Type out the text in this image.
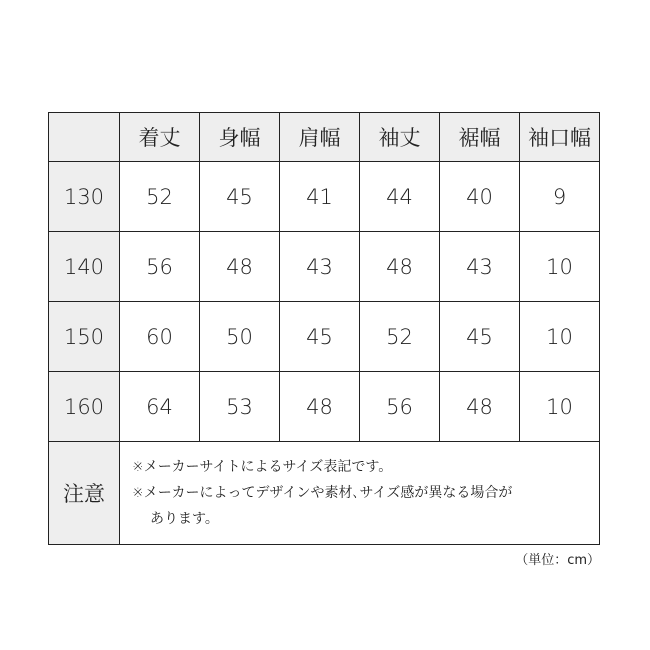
	着丈	身幅	肩幅	袖丈	裾幅	袖口幅
130	52	45	41	44	40	9
140	56	48	43	48	43	10
150	60	50	45	52	45	10
160	64	53	48	56	48	10
注意	※メーカーサイトによるサイズ表記です。
※メーカーによってデザインや素材､サイズ感が異なる場合が
あります。					
（単位：cm）
